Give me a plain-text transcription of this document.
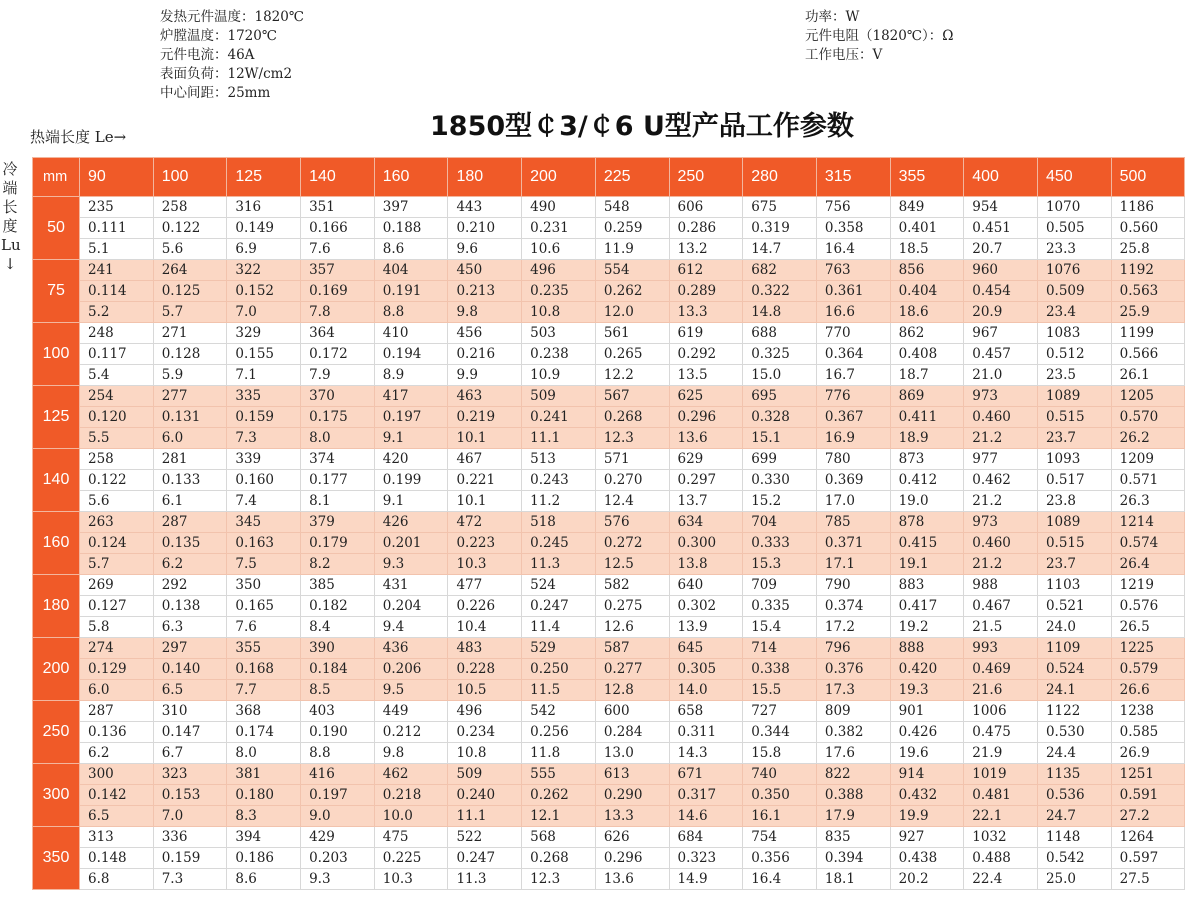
发热元件温度：1820℃
炉膛温度：1720℃
元件电流：46A
表面负荷：12W/cm2
中心间距：25mm
功率：W
元件电阻（1820℃）：Ω
工作电压：V
1850型￠3/￠6 U型产品工作参数
热端长度 Le→
冷
端
长
度
Lu
↓
mm	90	100	125	140	160	180	200	225	250	280	315	355	400	450	500
50	235	258	316	351	397	443	490	548	606	675	756	849	954	1070	1186
	0.111	0.122	0.149	0.166	0.188	0.210	0.231	0.259	0.286	0.319	0.358	0.401	0.451	0.505	0.560
	5.1	5.6	6.9	7.6	8.6	9.6	10.6	11.9	13.2	14.7	16.4	18.5	20.7	23.3	25.8
75	241	264	322	357	404	450	496	554	612	682	763	856	960	1076	1192
	0.114	0.125	0.152	0.169	0.191	0.213	0.235	0.262	0.289	0.322	0.361	0.404	0.454	0.509	0.563
	5.2	5.7	7.0	7.8	8.8	9.8	10.8	12.0	13.3	14.8	16.6	18.6	20.9	23.4	25.9
100	248	271	329	364	410	456	503	561	619	688	770	862	967	1083	1199
	0.117	0.128	0.155	0.172	0.194	0.216	0.238	0.265	0.292	0.325	0.364	0.408	0.457	0.512	0.566
	5.4	5.9	7.1	7.9	8.9	9.9	10.9	12.2	13.5	15.0	16.7	18.7	21.0	23.5	26.1
125	254	277	335	370	417	463	509	567	625	695	776	869	973	1089	1205
	0.120	0.131	0.159	0.175	0.197	0.219	0.241	0.268	0.296	0.328	0.367	0.411	0.460	0.515	0.570
	5.5	6.0	7.3	8.0	9.1	10.1	11.1	12.3	13.6	15.1	16.9	18.9	21.2	23.7	26.2
140	258	281	339	374	420	467	513	571	629	699	780	873	977	1093	1209
	0.122	0.133	0.160	0.177	0.199	0.221	0.243	0.270	0.297	0.330	0.369	0.412	0.462	0.517	0.571
	5.6	6.1	7.4	8.1	9.1	10.1	11.2	12.4	13.7	15.2	17.0	19.0	21.2	23.8	26.3
160	263	287	345	379	426	472	518	576	634	704	785	878	973	1089	1214
	0.124	0.135	0.163	0.179	0.201	0.223	0.245	0.272	0.300	0.333	0.371	0.415	0.460	0.515	0.574
	5.7	6.2	7.5	8.2	9.3	10.3	11.3	12.5	13.8	15.3	17.1	19.1	21.2	23.7	26.4
180	269	292	350	385	431	477	524	582	640	709	790	883	988	1103	1219
	0.127	0.138	0.165	0.182	0.204	0.226	0.247	0.275	0.302	0.335	0.374	0.417	0.467	0.521	0.576
	5.8	6.3	7.6	8.4	9.4	10.4	11.4	12.6	13.9	15.4	17.2	19.2	21.5	24.0	26.5
200	274	297	355	390	436	483	529	587	645	714	796	888	993	1109	1225
	0.129	0.140	0.168	0.184	0.206	0.228	0.250	0.277	0.305	0.338	0.376	0.420	0.469	0.524	0.579
	6.0	6.5	7.7	8.5	9.5	10.5	11.5	12.8	14.0	15.5	17.3	19.3	21.6	24.1	26.6
250	287	310	368	403	449	496	542	600	658	727	809	901	1006	1122	1238
	0.136	0.147	0.174	0.190	0.212	0.234	0.256	0.284	0.311	0.344	0.382	0.426	0.475	0.530	0.585
	6.2	6.7	8.0	8.8	9.8	10.8	11.8	13.0	14.3	15.8	17.6	19.6	21.9	24.4	26.9
300	300	323	381	416	462	509	555	613	671	740	822	914	1019	1135	1251
	0.142	0.153	0.180	0.197	0.218	0.240	0.262	0.290	0.317	0.350	0.388	0.432	0.481	0.536	0.591
	6.5	7.0	8.3	9.0	10.0	11.1	12.1	13.3	14.6	16.1	17.9	19.9	22.1	24.7	27.2
350	313	336	394	429	475	522	568	626	684	754	835	927	1032	1148	1264
	0.148	0.159	0.186	0.203	0.225	0.247	0.268	0.296	0.323	0.356	0.394	0.438	0.488	0.542	0.597
	6.8	7.3	8.6	9.3	10.3	11.3	12.3	13.6	14.9	16.4	18.1	20.2	22.4	25.0	27.5
